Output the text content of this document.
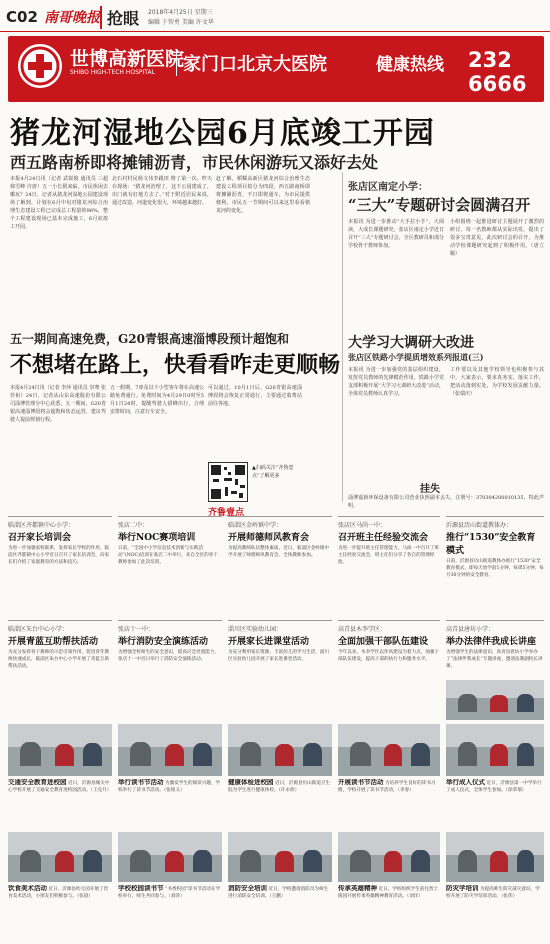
C02 南哥晚报 抢眼 2018年4月25日 星期三
编辑 于智勇 美编 许文华
世博高新医院
SHIBO HIGH-TECH HOSPITAL	家门口北京大医院	健康热线 232 6666
猪龙河湿地公园6月底竣工开园
西五路南桥即将摊铺沥青，市民休闲游玩又添好去处
本报4月24日讯（记者 武锐俊 通讯员 三超 韩雪峰 许唐）五一小长假来临，市民休闲去哪玩？24日，记者从猪龙河湿地公园建设现场了解到，计划在6月中旬对猪龙河综合治理生态建设工程已完成总工程量的96%，整个工程建设现场已基本完成施工，6月底竣工开园。
北石村村民杨文伟李跟田 维了第一次。昨天在现场：“猪龙河治理了，这下公园建成了，出门就有好地方去了。”对于附近居民来说，通过改造，河道变化很大，环境越来越好。
赶了解，稻糯高新区猪龙河综合治理生态建设工程项目拟分为四段，西五路南桥即将摊铺沥青，不日即将通车，为市民提供便利。市民五一节期间可以来这里看看猪龙河的变化。
张店区南定小学：
“三大”专题研讨会圆满召开
本报讯 为进一步推动“大手拉小手”，大阅读，大成长课题研究，张店区南定小学近日召开“三大”专题研讨会，全区教研员和部分学校骨干教师参加。
小组围绕一起推进研讨主题展开了激烈的研讨，每一名教师都从实际出发，提出了很多宝贵意见。此次研讨会的召开，为推动学校课题研究起到了积极作用。（唐立顺）
五一期间高速免费，G20青银高速淄博段预计超饱和
不想堵在路上，快看看咋走更顺畅
本报4月24日讯（记者 李萍 通讯员 崇骞 张佳祖）24日，记者从山东高速股份有限公司淄博管理分中心获悉，五一期间，G20青银高速淄博段将会超饱和状态运营，建议驾驶人提前规划行程。
五一假期，7座及以下小型客车将在高速公路免费通行。免费时间为4月29日0时至5月1日24时，提醒驾驶人错峰出行，合理安排时间，注意行车安全。
可以通过，10月1日后，G20青银高速淄博段将会恢复正常通行，主要通过收费站前往各地。
▲扫码关注“齐鲁壹点”了解更多
齐鲁壹点
大学习大调研大改进
张店区铁路小学提质增效系列报道(三)
本报讯 为进一步加强党的基层组织建设，发挥党员教师的先锋模范作用，铁路小学党支部积极开展“大学习大调研大改进”活动，全体党员教师认真学习。
工作要以及其他学校领导也积极参与其中。大家表示，要求真务实，落实工作，把活动落到实处，为学校发展贡献力量。（张瑞庆）
挂失
淄博嘉新环保设备有限公司营业执照副本丢失，注册号：370304200010135，特此声明。
临淄区齐都镇中心小学：
召开家长培训会
为进一步加强家校联系，发挥家长学校的作用，临淄区齐都镇中心小学近日召开了家长培训会，向家长们介绍了家庭教育的方法和技巧。
张店二中：
举行NOC赛项培训
日前，“全国中小学信息技术创新与实践活动”(NOC)培训在张店二中举行，来自全区的骨干教师参加了此次培训。
临淄区金岭镇中学：
开展师德师风教育会
为提高教师队伍整体素质，近日，临淄区金岭镇中学开展了师德师风教育会，全体教师参加。
张店区马尚一中：
召开班主任经验交流会
为进一步提升班主任管理能力，马尚一中召开了班主任经验交流会，班主任们分享了各自的管理经验。
沂源县历山街道教体办：
推行“1530”安全教育模式
日前，沂源县历山街道教体办推行“1530”安全教育模式，即每天放学前1分钟、每周5分钟、每月30分钟的安全教育。
临淄区朱台中心小学：
开展青蓝互助帮扶活动
为充分发挥骨干教师的示范引领作用，促进青年教师快速成长，临淄区朱台中心小学开展了青蓝互助帮扶活动。
张店十一中：
举行消防安全演练活动
为增强全校师生的安全意识，提高应急处置能力，张店十一中近日举行了消防安全演练活动。
淄川区实验幼儿园：
开展家长进课堂活动
为充分利用家长资源，丰富幼儿的学习生活，淄川区实验幼儿园开展了家长进课堂活动。
高青县木李学区：
全面加强干部队伍建设
今年以来，木李学区以作风建设为着力点，加强干部队伍建设，提高干部的执行力和服务水平。
高青县唐坊小学：
举办法律伴我成长讲座
为增强学生的法律意识，高青县唐坊小学举办了“法律伴我成长”专题讲座，邀请法制副校长讲课。
交通安全教育进校园 近日，沂源县城关中心学校开展了交通安全教育进校园活动。（王克升）
举行读书节活动 为激发学生的阅读兴趣，学校举行了读书节活动。（张铭义）
健康体检进校园 近日，沂源县历山街道卫生院为学生进行健康体检。（许永欣）
开展读书节活动 为培养学生良好的读书习惯，学校开展了读书节活动。（李春）
举行成人仪式 近日，沂源县第一中学举行了成人仪式，全体学生参加。（徐荣瑞）
饮食美术活动 近日，沂源县幼儿园开展了饮食美术活动，小朋友们积极参与。（张晨）
学校校园读书节 “书香校园”读书节活动在学校举行，师生共同参与。（刘萍）
消防安全培训 近日，学校邀请消防员为师生进行消防安全培训。（王鹏）
传承英雄精神 近日，学校组织学生前往烈士陵园开展传承英雄精神教育活动。（刘洋）
防灾学培训 为提高师生防灾减灾意识，学校开展了防灾学培训活动。（张伟）
